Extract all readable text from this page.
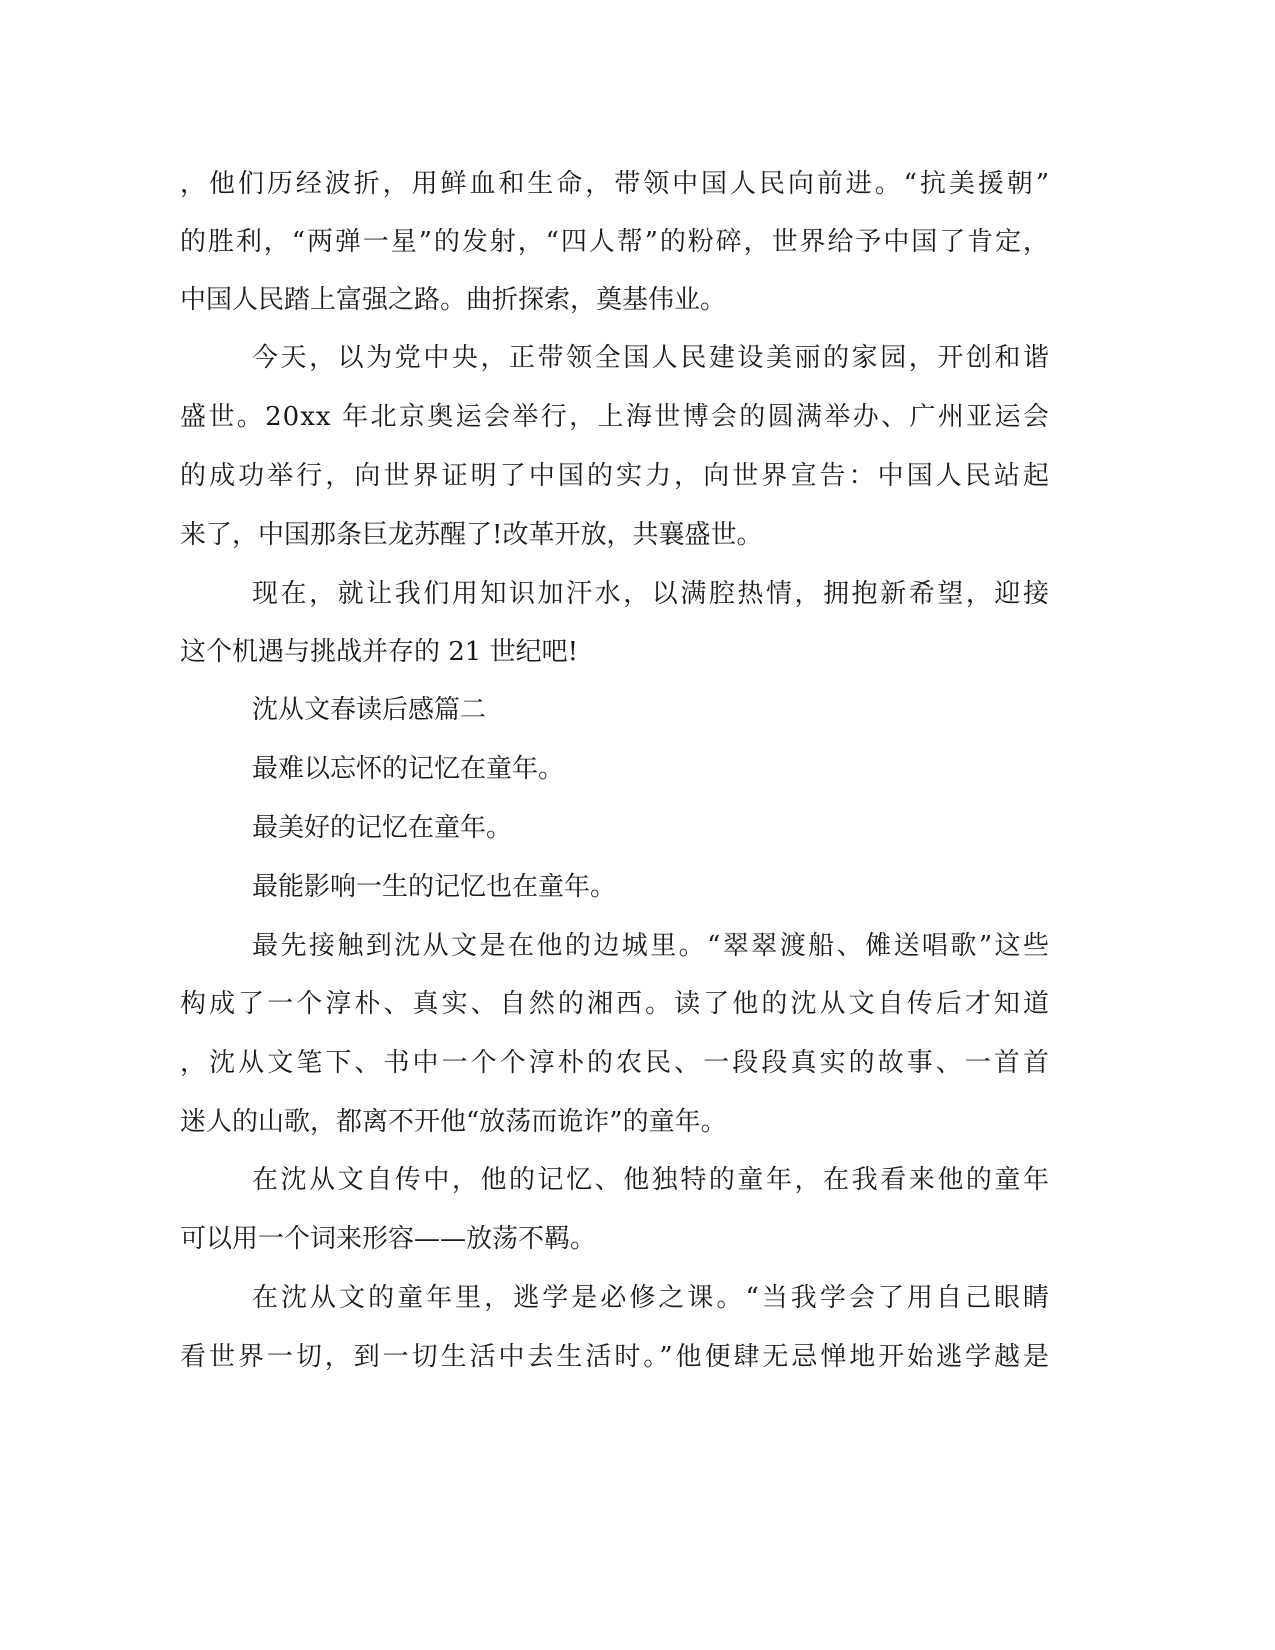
，他们历经波折，用鲜血和生命，带领中国人民向前进。“抗美援朝”
的胜利，“两弹一星”的发射，“四人帮”的粉碎，世界给予中国了肯定，
中国人民踏上富强之路。曲折探索，奠基伟业。
今天，以为党中央，正带领全国人民建设美丽的家园，开创和谐
盛世。20xx 年北京奥运会举行，上海世博会的圆满举办、广州亚运会
的成功举行，向世界证明了中国的实力，向世界宣告：中国人民站起
来了，中国那条巨龙苏醒了!改革开放，共襄盛世。
现在，就让我们用知识加汗水，以满腔热情，拥抱新希望，迎接
这个机遇与挑战并存的 21 世纪吧!
沈从文春读后感篇二
最难以忘怀的记忆在童年。
最美好的记忆在童年。
最能影响一生的记忆也在童年。
最先接触到沈从文是在他的边城里。“翠翠渡船、傩送唱歌”这些
构成了一个淳朴、真实、自然的湘西。读了他的沈从文自传后才知道
，沈从文笔下、书中一个个淳朴的农民、一段段真实的故事、一首首
迷人的山歌，都离不开他“放荡而诡诈”的童年。
在沈从文自传中，他的记忆、他独特的童年，在我看来他的童年
可以用一个词来形容——放荡不羁。
在沈从文的童年里，逃学是必修之课。“当我学会了用自己眼睛
看世界一切，到一切生活中去生活时。”他便肆无忌惮地开始逃学越是
